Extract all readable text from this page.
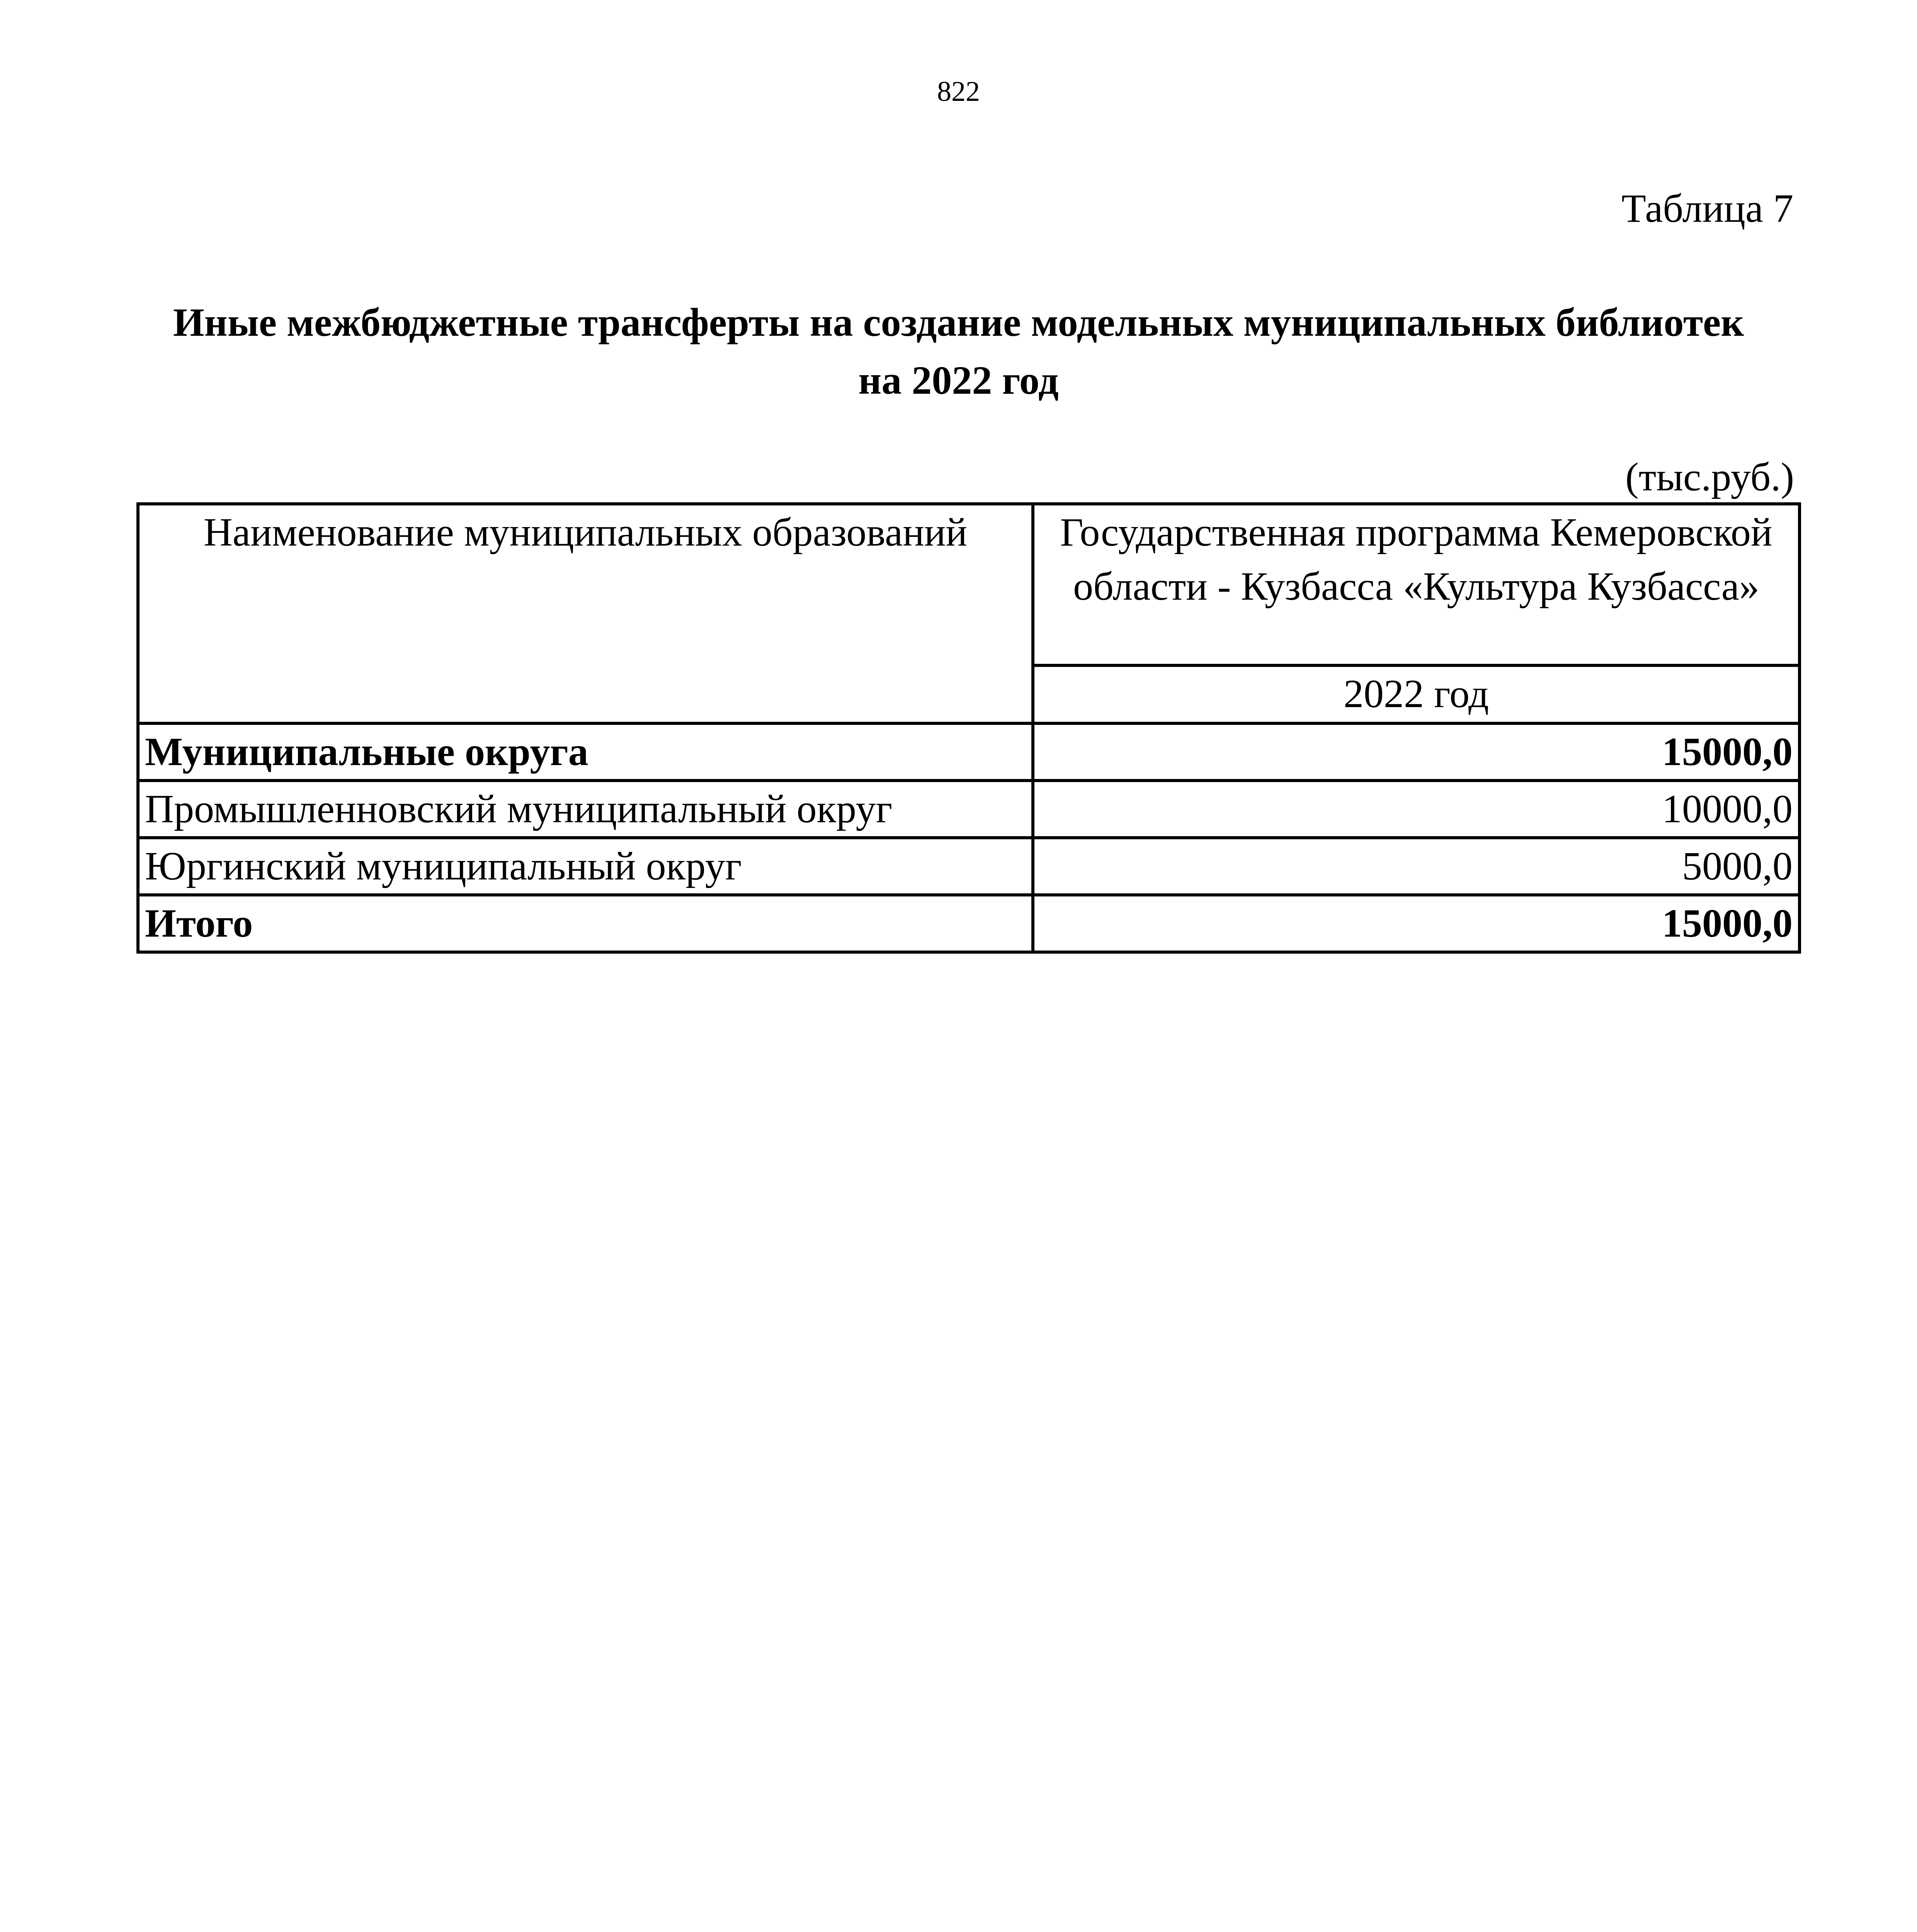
822
Таблица 7
Иные межбюджетные трансферты на создание модельных муниципальных библиотек
на 2022 год
(тыс.руб.)
Наименование муниципальных образований	Государственная программа Кемеровской области - Кузбасса «Культура Кузбасса»
	2022 год
Муниципальные округа	15000,0
Промышленновский муниципальный округ	10000,0
Юргинский муниципальный округ	5000,0
Итого	15000,0
